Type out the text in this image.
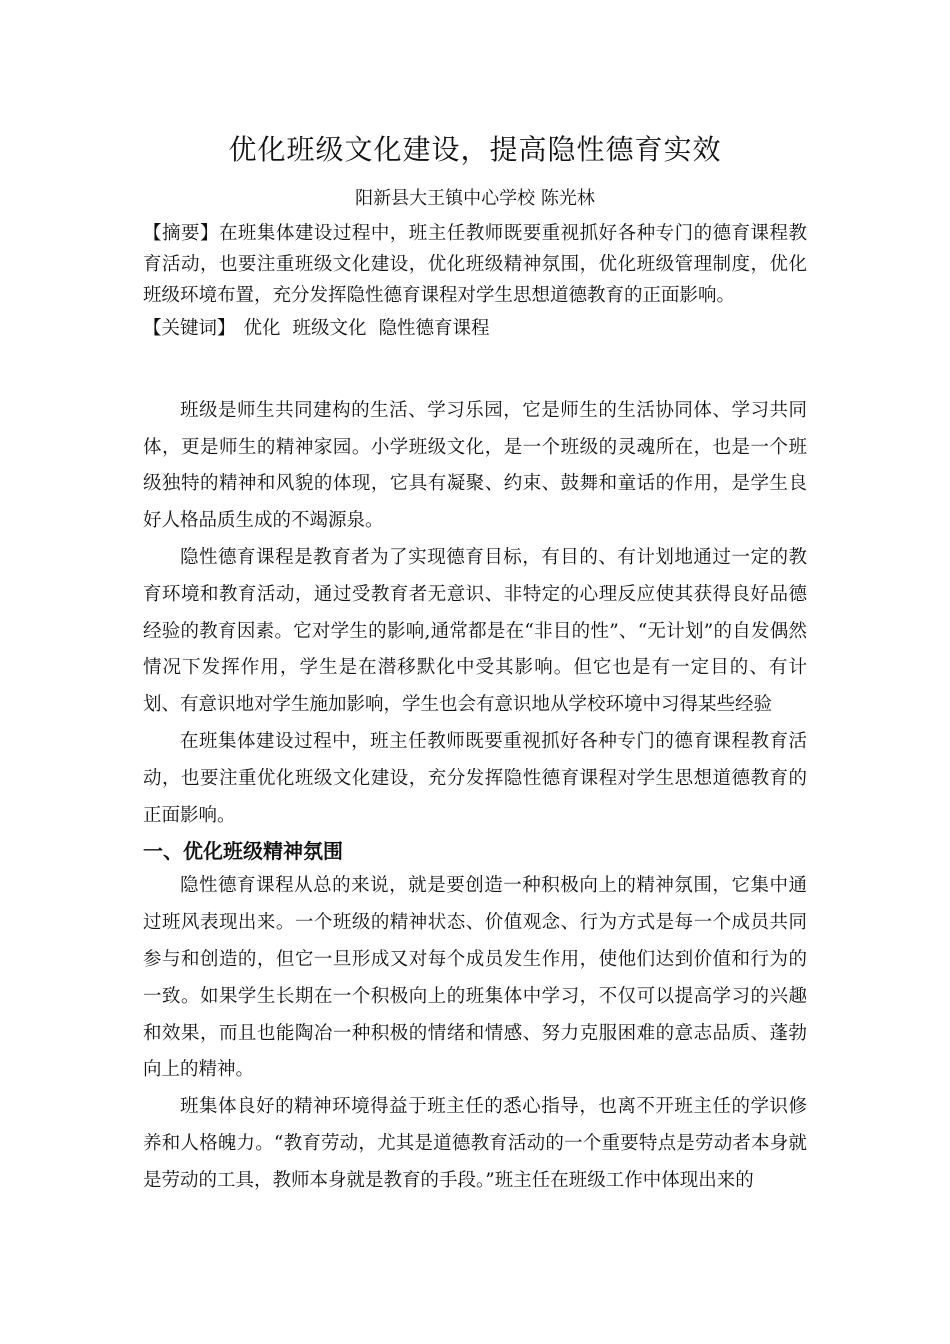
优化班级文化建设，提高隐性德育实效

阳新县大王镇中心学校 陈光林

【摘要】在班集体建设过程中，班主任教师既要重视抓好各种专门的德育课程教育活动，也要注重班级文化建设，优化班级精神氛围，优化班级管理制度，优化班级环境布置，充分发挥隐性德育课程对学生思想道德教育的正面影响。

【关键词】 优化 班级文化 隐性德育课程

班级是师生共同建构的生活、学习乐园，它是师生的生活协同体、学习共同体，更是师生的精神家园。小学班级文化，是一个班级的灵魂所在，也是一个班级独特的精神和风貌的体现，它具有凝聚、约束、鼓舞和童话的作用，是学生良好人格品质生成的不竭源泉。

隐性德育课程是教育者为了实现德育目标，有目的、有计划地通过一定的教育环境和教育活动，通过受教育者无意识、非特定的心理反应使其获得良好品德经验的教育因素。它对学生的影响,通常都是在“非目的性”、“无计划”的自发偶然情况下发挥作用，学生是在潜移默化中受其影响。但它也是有一定目的、有计划、有意识地对学生施加影响，学生也会有意识地从学校环境中习得某些经验

在班集体建设过程中，班主任教师既要重视抓好各种专门的德育课程教育活动，也要注重优化班级文化建设，充分发挥隐性德育课程对学生思想道德教育的正面影响。

一、优化班级精神氛围

隐性德育课程从总的来说，就是要创造一种积极向上的精神氛围，它集中通过班风表现出来。一个班级的精神状态、价值观念、行为方式是每一个成员共同参与和创造的，但它一旦形成又对每个成员发生作用，使他们达到价值和行为的一致。如果学生长期在一个积极向上的班集体中学习，不仅可以提高学习的兴趣和效果，而且也能陶冶一种积极的情绪和情感、努力克服困难的意志品质、蓬勃向上的精神。

班集体良好的精神环境得益于班主任的悉心指导，也离不开班主任的学识修养和人格魄力。“教育劳动，尤其是道德教育活动的一个重要特点是劳动者本身就是劳动的工具，教师本身就是教育的手段。”班主任在班级工作中体现出来的
